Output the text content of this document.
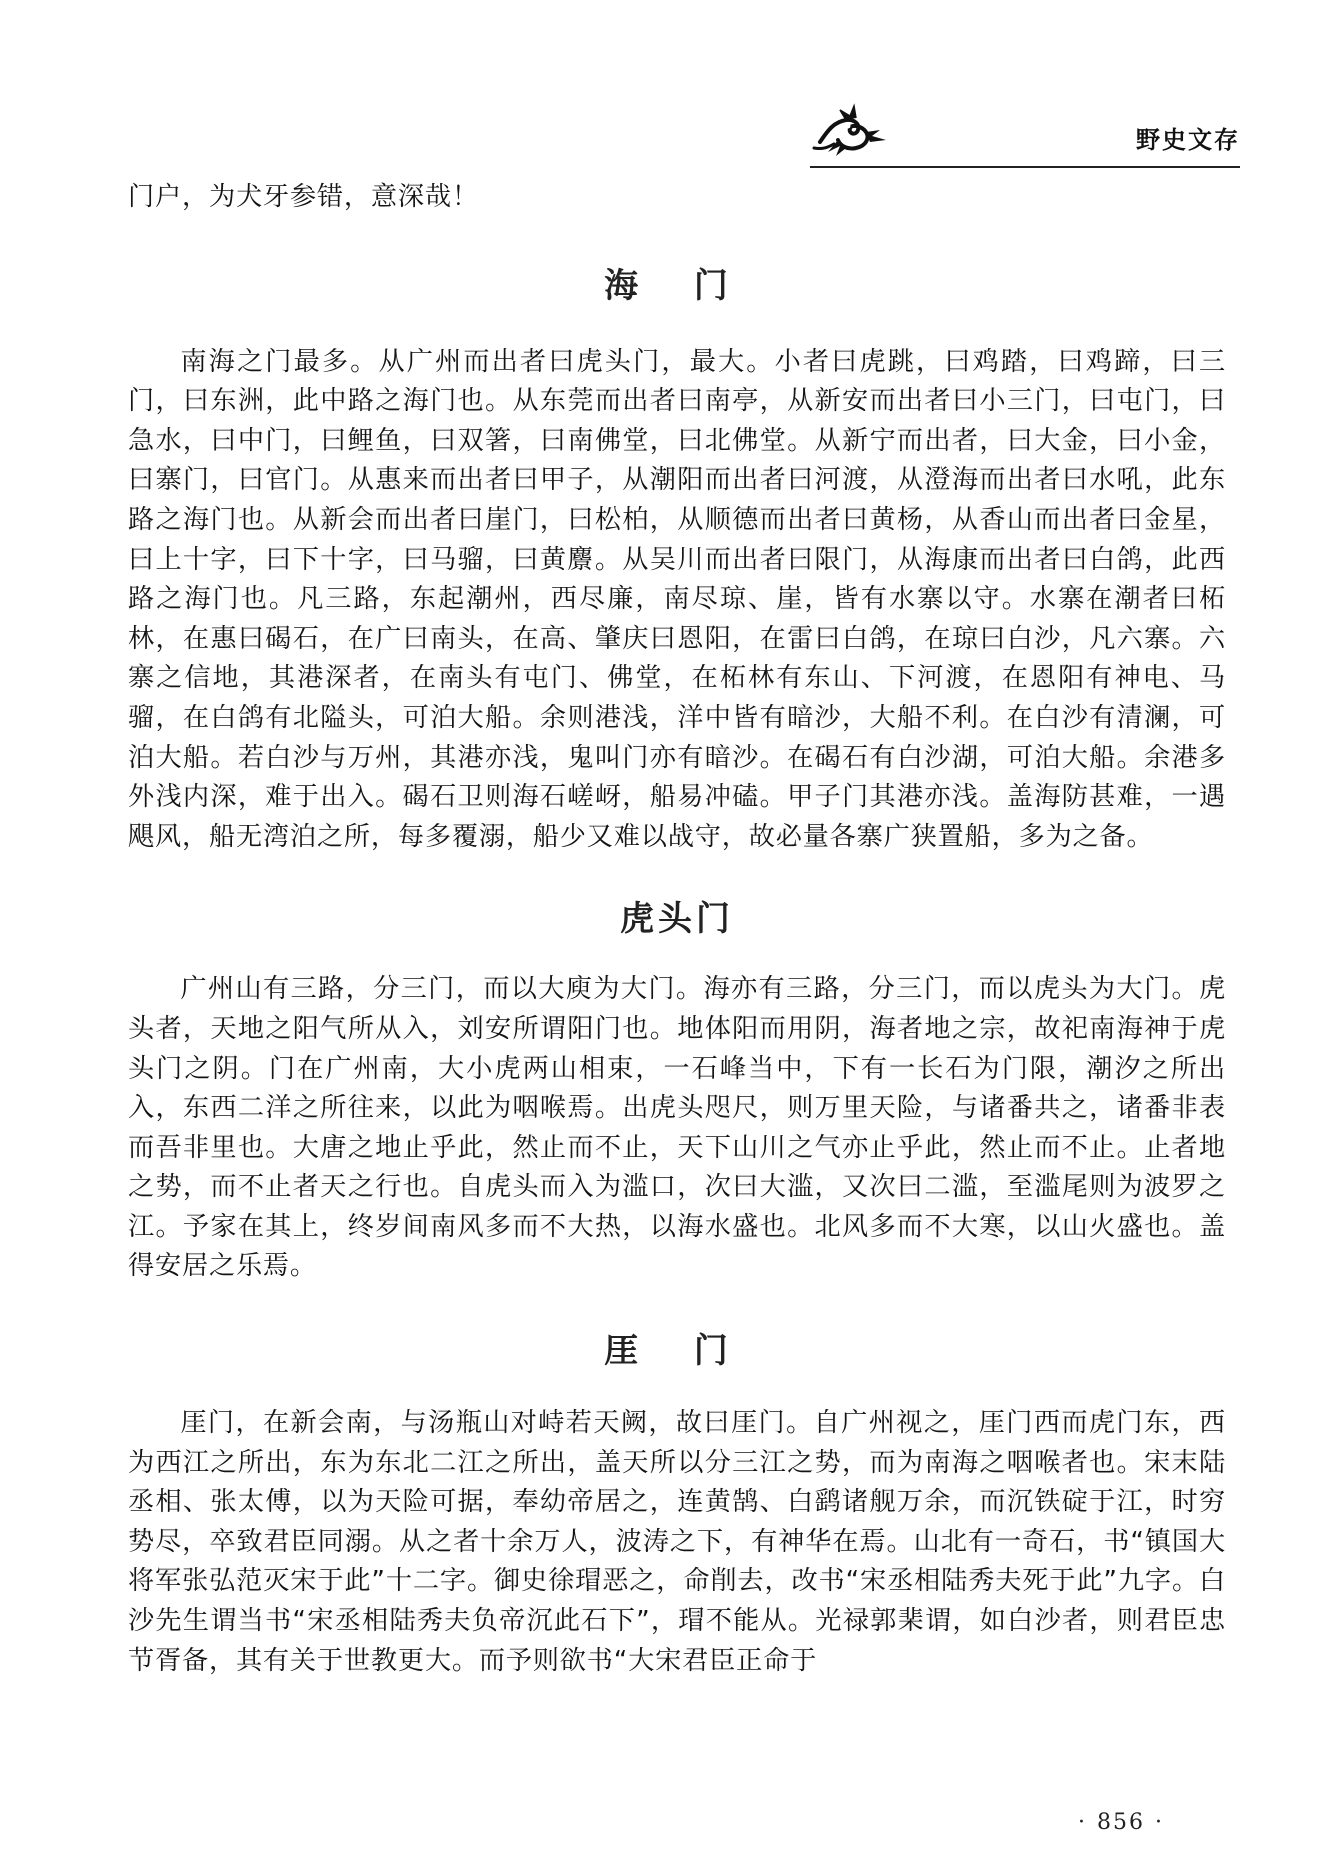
野史文存

门户，为犬牙参错，意深哉！

海 门

南海之门最多。从广州而出者曰虎头门，最大。小者曰虎跳，曰鸡踏，曰鸡蹄，曰三门，曰东洲，此中路之海门也。从东莞而出者曰南亭，从新安而出者曰小三门，曰屯门，曰急水，曰中门，曰鲤鱼，曰双箸，曰南佛堂，曰北佛堂。从新宁而出者，曰大金，曰小金，曰寨门，曰官门。从惠来而出者曰甲子，从潮阳而出者曰河渡，从澄海而出者曰水吼，此东路之海门也。从新会而出者曰崖门，曰松柏，从顺德而出者曰黄杨，从香山而出者曰金星，曰上十字，曰下十字，曰马骝，曰黄麖。从吴川而出者曰限门，从海康而出者曰白鸽，此西路之海门也。凡三路，东起潮州，西尽廉，南尽琼、崖，皆有水寨以守。水寨在潮者曰柘林，在惠曰碣石，在广曰南头，在高、肇庆曰恩阳，在雷曰白鸽，在琼曰白沙，凡六寨。六寨之信地，其港深者，在南头有屯门、佛堂，在柘林有东山、下河渡，在恩阳有神电、马骝，在白鸽有北隘头，可泊大船。余则港浅，洋中皆有暗沙，大船不利。在白沙有清澜，可泊大船。若白沙与万州，其港亦浅，鬼叫门亦有暗沙。在碣石有白沙湖，可泊大船。余港多外浅内深，难于出入。碣石卫则海石嵯岈，船易冲磕。甲子门其港亦浅。盖海防甚难，一遇飓风，船无湾泊之所，每多覆溺，船少又难以战守，故必量各寨广狭置船，多为之备。

虎头门

广州山有三路，分三门，而以大庾为大门。海亦有三路，分三门，而以虎头为大门。虎头者，天地之阳气所从入，刘安所谓阳门也。地体阳而用阴，海者地之宗，故祀南海神于虎头门之阴。门在广州南，大小虎两山相束，一石峰当中，下有一长石为门限，潮汐之所出入，东西二洋之所往来，以此为咽喉焉。出虎头咫尺，则万里天险，与诸番共之，诸番非表而吾非里也。大唐之地止乎此，然止而不止，天下山川之气亦止乎此，然止而不止。止者地之势，而不止者天之行也。自虎头而入为滥口，次曰大滥，又次曰二滥，至滥尾则为波罗之江。予家在其上，终岁间南风多而不大热，以海水盛也。北风多而不大寒，以山火盛也。盖得安居之乐焉。

厓 门

厓门，在新会南，与汤瓶山对峙若天阙，故曰厓门。自广州视之，厓门西而虎门东，西为西江之所出，东为东北二江之所出，盖天所以分三江之势，而为南海之咽喉者也。宋末陆丞相、张太傅，以为天险可据，奉幼帝居之，连黄鹄、白鹞诸舰万余，而沉铁碇于江，时穷势尽，卒致君臣同溺。从之者十余万人，波涛之下，有神华在焉。山北有一奇石，书“镇国大将军张弘范灭宋于此”十二字。御史徐瑁恶之，命削去，改书“宋丞相陆秀夫死于此”九字。白沙先生谓当书“宋丞相陆秀夫负帝沉此石下”，瑁不能从。光禄郭棐谓，如白沙者，则君臣忠节胥备，其有关于世教更大。而予则欲书“大宋君臣正命于

· 856 ·
